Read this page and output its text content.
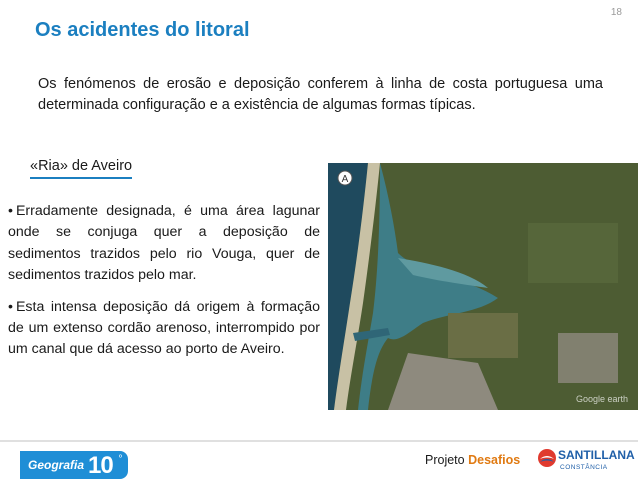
18
Os acidentes do litoral
Os fenómenos de erosão e deposição conferem à linha de costa portuguesa uma determinada configuração e a existência de algumas formas típicas.
«Ria» de Aveiro

• Erradamente designada, é uma área lagunar onde se conjuga quer a deposição de sedimentos trazidos pelo rio Vouga, quer de sedimentos trazidos pelo mar.

• Esta intensa deposição dá origem à formação de um extenso cordão arenoso, interrompido por um canal que dá acesso ao porto de Aveiro.

A
Google earth
Geografia 10 º	Projeto Desafios	SANTILLANA
CONSTÂNCIA
